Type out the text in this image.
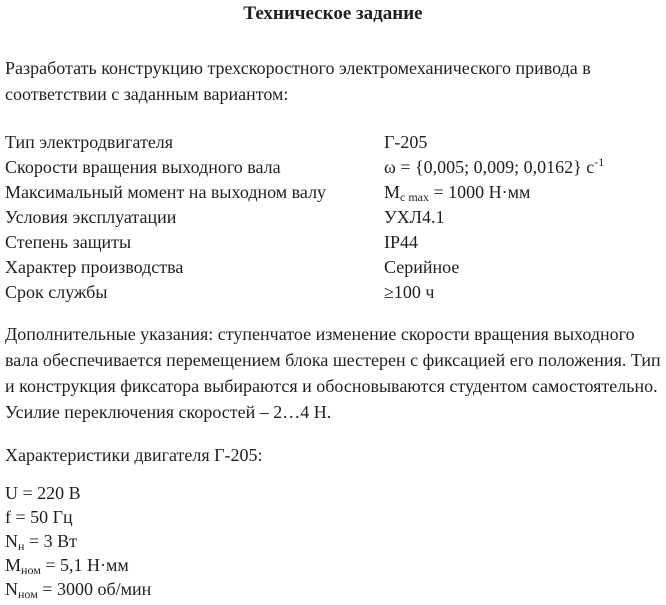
Техническое задание

Разработать конструкцию трехскоростного электромеханического привода в соответствии с заданным вариантом:

Тип электродвигателя	Г-205
Скорости вращения выходного вала	ω = {0,005; 0,009; 0,0162} $c^{-1}$
Максимальный момент на выходном валу	$M_{c max} = 1000$ Н·мм
Условия эксплуатации	УХЛ4.1
Степень защиты	IP44
Характер производства	Серийное
Срок службы	≥100 ч

Дополнительные указания: ступенчатое изменение скорости вращения выходного вала обеспечивается перемещением блока шестерен с фиксацией его положения. Тип и конструкция фиксатора выбираются и обосновываются студентом самостоятельно. Усилие переключения скоростей – 2…4 Н.

Характеристики двигателя Г-205:

U = 220 В
f = 50 Гц
$N_н = 3$ Вт
$M_{ном} = 5,1$ Н·мм
$N_{ном} = 3000$ об/мин
